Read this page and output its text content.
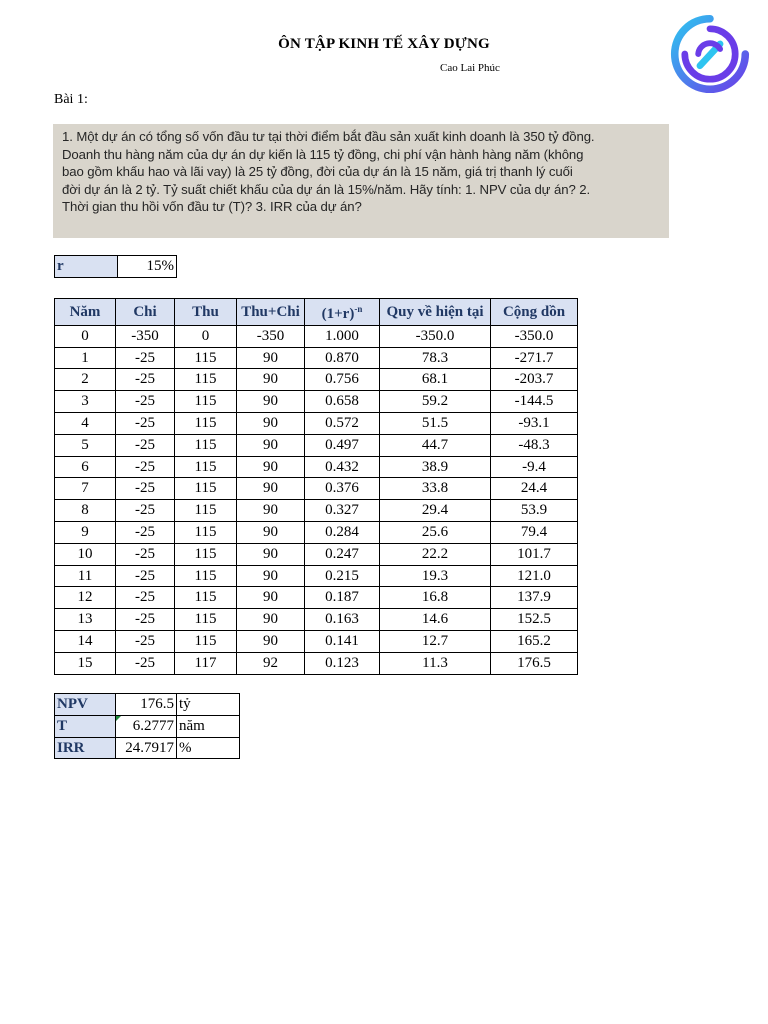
ÔN TẬP KINH TẾ XÂY DỰNG
Cao Lai Phúc
Bài 1:
1. Một dự án có tổng số vốn đầu tư tại thời điểm bắt đầu sản xuất kinh doanh là 350 tỷ đồng.
Doanh thu hàng năm của dự án dự kiến là 115 tỷ đồng, chi phí vận hành hàng năm (không
bao gồm khấu hao và lãi vay) là 25 tỷ đồng, đời của dự án là 15 năm, giá trị thanh lý cuối
đời dự án là 2 tỷ. Tỷ suất chiết khấu của dự án là 15%/năm. Hãy tính: 1. NPV của dự án? 2.
Thời gian thu hồi vốn đầu tư (T)? 3. IRR của dự án?
r	15%
Năm	Chi	Thu	Thu+Chi	$(1+r)^{-n}$	Quy về hiện tại	Cộng dồn
0	-350	0	-350	1.000	-350.0	-350.0
1	-25	115	90	0.870	78.3	-271.7
2	-25	115	90	0.756	68.1	-203.7
3	-25	115	90	0.658	59.2	-144.5
4	-25	115	90	0.572	51.5	-93.1
5	-25	115	90	0.497	44.7	-48.3
6	-25	115	90	0.432	38.9	-9.4
7	-25	115	90	0.376	33.8	24.4
8	-25	115	90	0.327	29.4	53.9
9	-25	115	90	0.284	25.6	79.4
10	-25	115	90	0.247	22.2	101.7
11	-25	115	90	0.215	19.3	121.0
12	-25	115	90	0.187	16.8	137.9
13	-25	115	90	0.163	14.6	152.5
14	-25	115	90	0.141	12.7	165.2
15	-25	117	92	0.123	11.3	176.5
NPV	176.5	tỷ
T	6.2777	năm
IRR	24.7917	%
